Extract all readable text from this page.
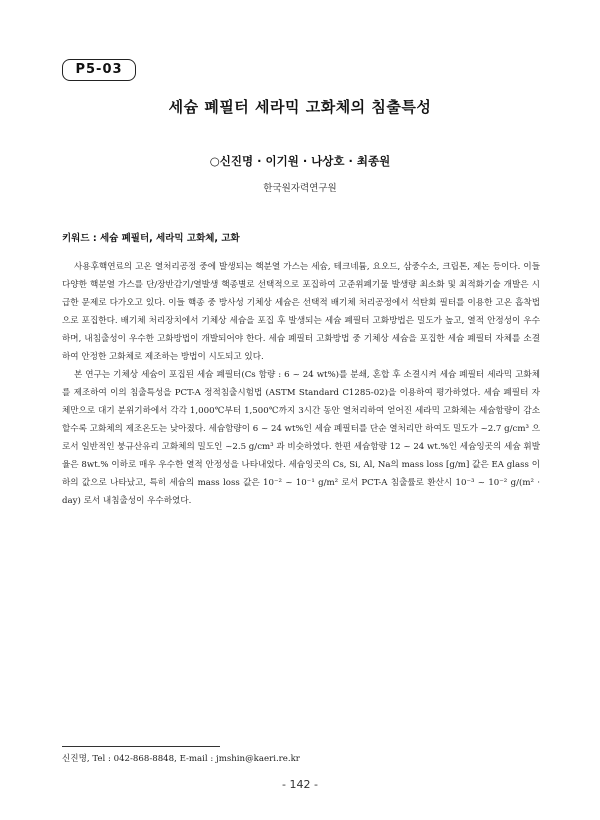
P5-03
세슘 폐필터 세라믹 고화체의 침출특성
○신진명 · 이기원 · 나상호 · 최종원
한국원자력연구원
키워드 : 세슘 폐필터, 세라믹 고화체, 고화

사용후핵연료의 고온 열처리공정 중에 발생되는 핵분열 가스는 세슘, 테크네튬, 요오드, 삼중수소, 크립톤, 제논 등이다. 이들 다양한 핵분열 가스를 단/장반감기/열발생 핵종별로 선택적으로 포집하여 고준위폐기물 발생량 최소화 및 최적화기술 개발은 시급한 문제로 다가오고 있다. 이들 핵종 중 방사성 기체상 세슘은 선택적 배기체 처리공정에서 석탄회 필터를 이용한 고온 흡착법으로 포집한다. 배기체 처리장치에서 기체상 세슘을 포집 후 발생되는 세슘 폐필터 고화방법은 밀도가 높고, 열적 안정성이 우수하며, 내침출성이 우수한 고화방법이 개발되어야 한다. 세슘 폐필터 고화방법 중 기체상 세슘을 포집한 세슘 폐필터 자체를 소결하여 안정한 고화체로 제조하는 방법이 시도되고 있다.

본 연구는 기체상 세슘이 포집된 세슘 폐필터(Cs 함량 : 6 ~ 24 wt%)를 분쇄, 혼합 후 소결시켜 세슘 폐필터 세라믹 고화체를 제조하여 이의 침출특성을 PCT-A 정적침출시험법 (ASTM Standard C1285-02)을 이용하여 평가하였다. 세슘 폐필터 자체만으로 대기 분위기하에서 각각 1,000℃부터 1,500℃까지 3시간 동안 열처리하여 얻어진 세라믹 고화체는 세슘함량이 감소할수록 고화체의 제조온도는 낮아졌다. 세슘함량이 6 ~ 24 wt%인 세슘 폐필터를 단순 열처리만 하여도 밀도가 ~2.7 g/cm³ 으로서 일반적인 붕규산유리 고화체의 밀도인 ~2.5 g/cm³ 과 비슷하였다. 한편 세슘함량 12 ~ 24 wt.%인 세슘잉곳의 세슘 휘발율은 8wt.% 이하로 매우 우수한 열적 안정성을 나타내었다. 세슘잉곳의 Cs, Si, Al, Na의 mass loss [g/m] 값은 EA glass 이하의 값으로 나타났고, 특히 세슘의 mass loss 값은 10⁻² ~ 10⁻¹ g/m² 로서 PCT-A 침출률로 환산시 10⁻³ ~ 10⁻² g/(m² · day) 로서 내침출성이 우수하였다.

신진명, Tel : 042-868-8848, E-mail : jmshin@kaeri.re.kr
- 142 -
